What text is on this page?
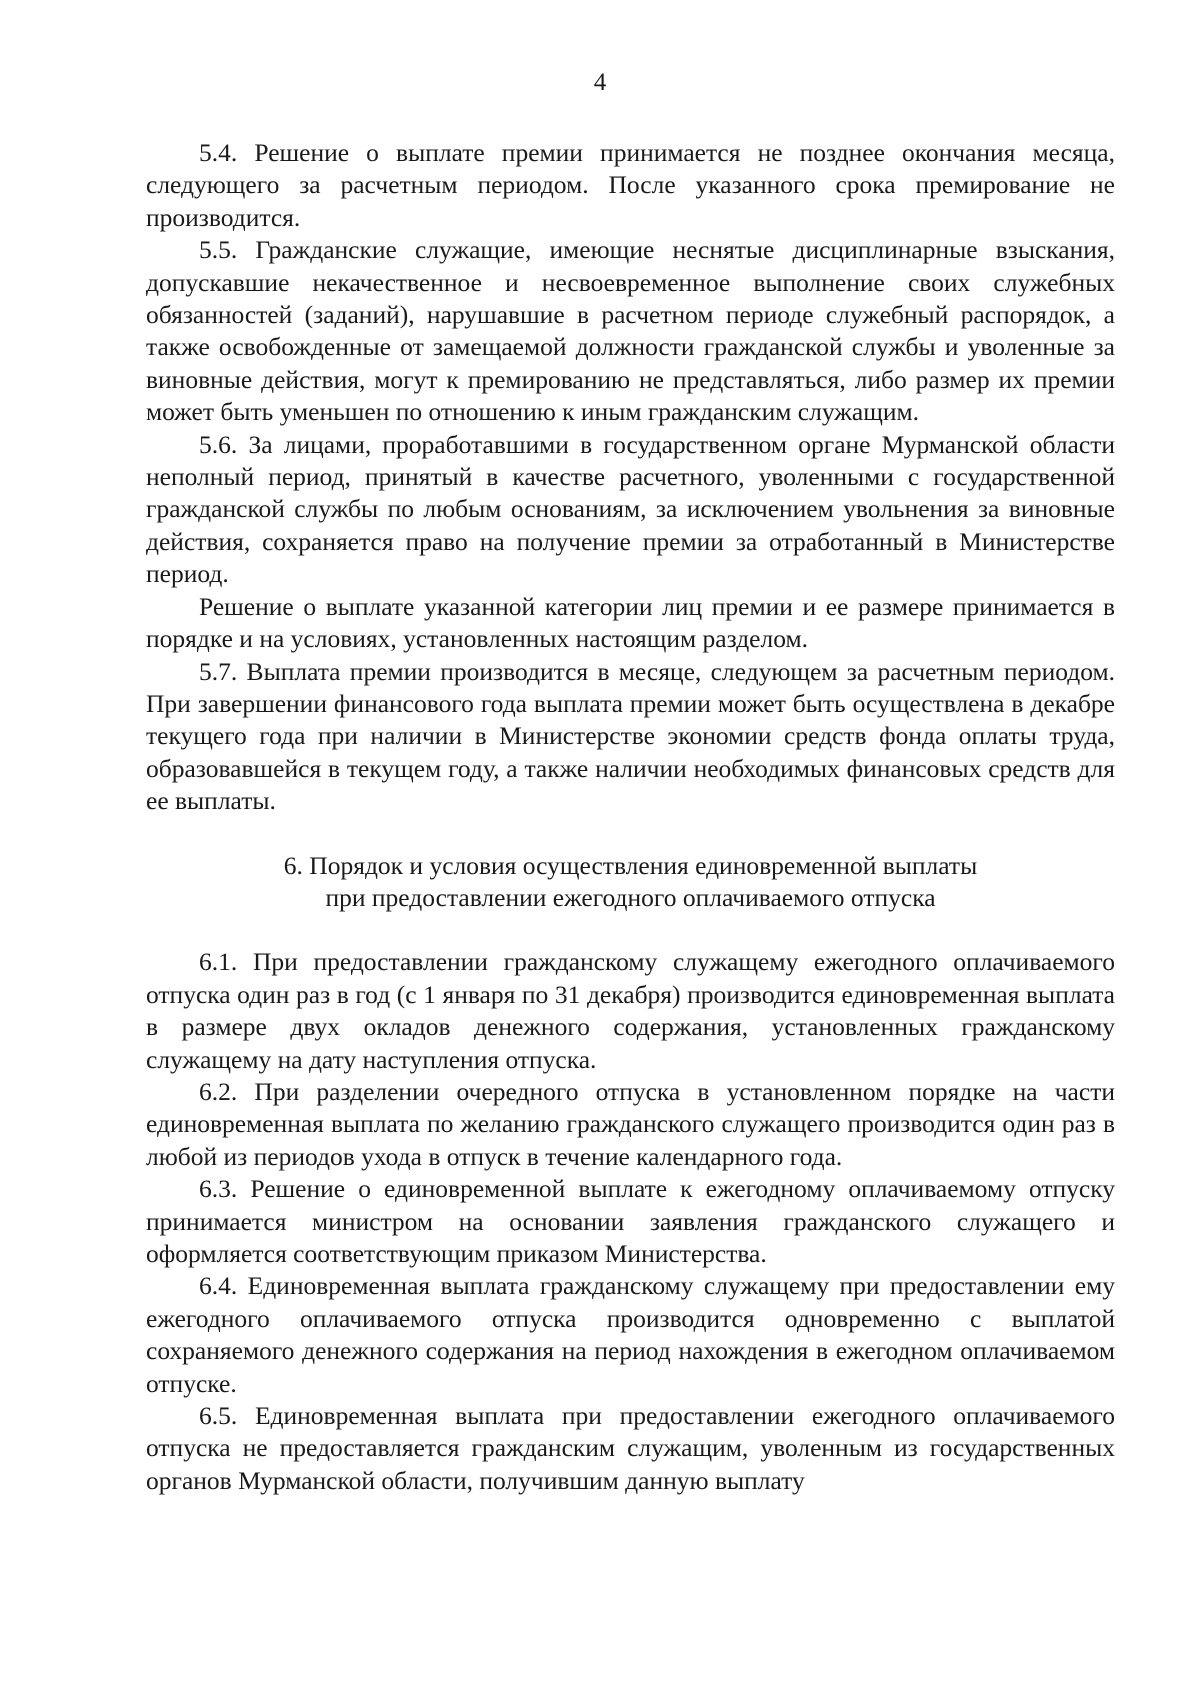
4

5.4. Решение о выплате премии принимается не позднее окончания месяца, следующего за расчетным периодом. После указанного срока премирование не производится.

5.5. Гражданские служащие, имеющие неснятые дисциплинарные взыскания, допускавшие некачественное и несвоевременное выполнение своих служебных обязанностей (заданий), нарушавшие в расчетном периоде служебный распорядок, а также освобожденные от замещаемой должности гражданской службы и уволенные за виновные действия, могут к премированию не представляться, либо размер их премии может быть уменьшен по отношению к иным гражданским служащим.

5.6. За лицами, проработавшими в государственном органе Мурманской области неполный период, принятый в качестве расчетного, уволенными с государственной гражданской службы по любым основаниям, за исключением увольнения за виновные действия, сохраняется право на получение премии за отработанный в Министерстве период.

Решение о выплате указанной категории лиц премии и ее размере принимается в порядке и на условиях, установленных настоящим разделом.

5.7. Выплата премии производится в месяце, следующем за расчетным периодом. При завершении финансового года выплата премии может быть осуществлена в декабре текущего года при наличии в Министерстве экономии средств фонда оплаты труда, образовавшейся в текущем году, а также наличии необходимых финансовых средств для ее выплаты.

6. Порядок и условия осуществления единовременной выплаты
при предоставлении ежегодного оплачиваемого отпуска

6.1. При предоставлении гражданскому служащему ежегодного оплачиваемого отпуска один раз в год (с 1 января по 31 декабря) производится единовременная выплата в размере двух окладов денежного содержания, установленных гражданскому служащему на дату наступления отпуска.

6.2. При разделении очередного отпуска в установленном порядке на части единовременная выплата по желанию гражданского служащего производится один раз в любой из периодов ухода в отпуск в течение календарного года.

6.3. Решение о единовременной выплате к ежегодному оплачиваемому отпуску принимается министром на основании заявления гражданского служащего и оформляется соответствующим приказом Министерства.

6.4. Единовременная выплата гражданскому служащему при предоставлении ему ежегодного оплачиваемого отпуска производится одновременно с выплатой сохраняемого денежного содержания на период нахождения в ежегодном оплачиваемом отпуске.

6.5. Единовременная выплата при предоставлении ежегодного оплачиваемого отпуска не предоставляется гражданским служащим, уволенным из государственных органов Мурманской области, получившим данную выплату
